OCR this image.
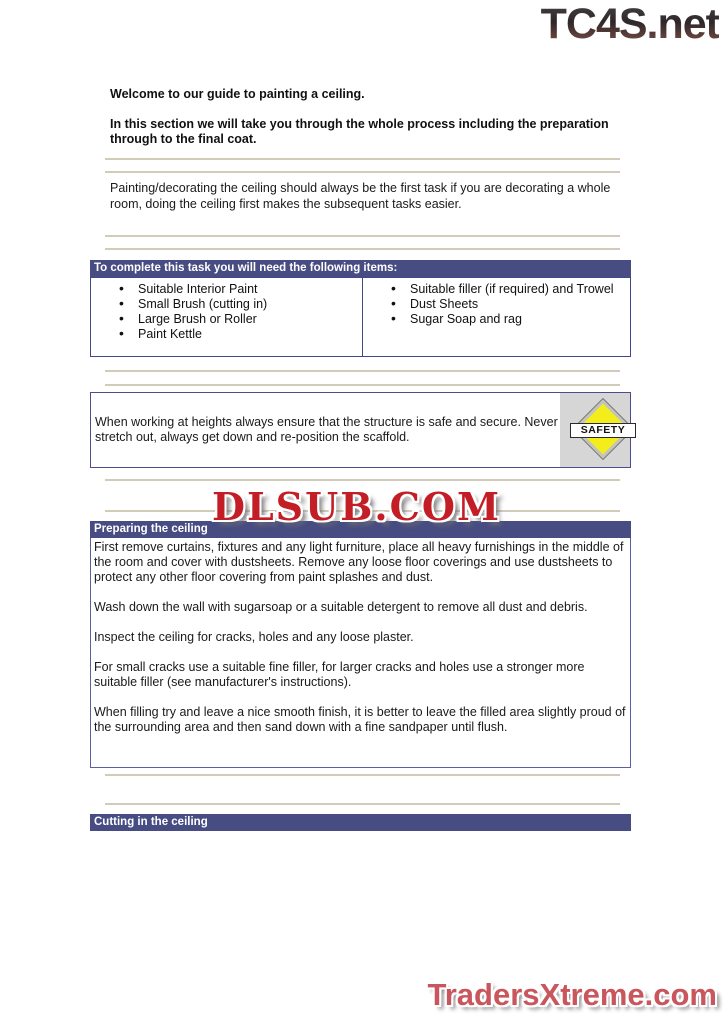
TC4S.net
DLSUB.COM
TradersXtreme.com
Welcome to our guide to painting a ceiling.
In this section we will take you through the whole process including the preparation through to the final coat.
Painting/decorating the ceiling should always be the first task if you are decorating a whole room, doing the ceiling first makes the subsequent tasks easier.
To complete this task you will need the following items:
• Suitable Interior Paint
• Small Brush (cutting in)
• Large Brush or Roller
• Paint Kettle
• Suitable filler (if required) and Trowel
• Dust Sheets
• Sugar Soap and rag

When working at heights always ensure that the structure is safe and secure. Never stretch out, always get down and re-position the scaffold.	SAFETY
Preparing the ceiling

First remove curtains, fixtures and any light furniture, place all heavy furnishings in the middle of the room and cover with dustsheets. Remove any loose floor coverings and use dustsheets to protect any other floor covering from paint splashes and dust.

Wash down the wall with sugarsoap or a suitable detergent to remove all dust and debris.

Inspect the ceiling for cracks, holes and any loose plaster.

For small cracks use a suitable fine filler, for larger cracks and holes use a stronger more suitable filler (see manufacturer's instructions).

When filling try and leave a nice smooth finish, it is better to leave the filled area slightly proud of the surrounding area and then sand down with a fine sandpaper until flush.

Cutting in the ceiling
